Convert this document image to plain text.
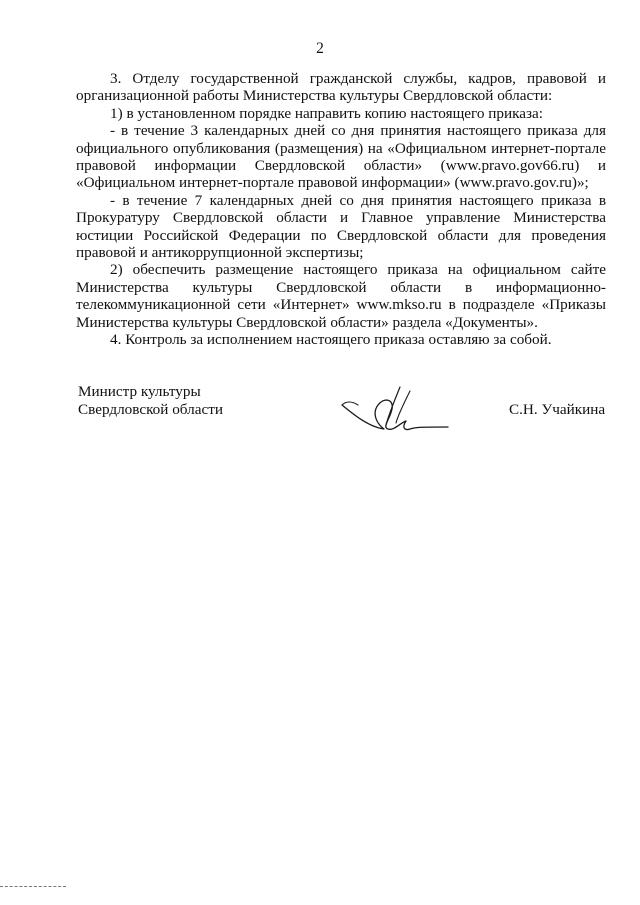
2

3. Отделу государственной гражданской службы, кадров, правовой и организационной работы Министерства культуры Свердловской области:

1) в установленном порядке направить копию настоящего приказа:

- в течение 3 календарных дней со дня принятия настоящего приказа для официального опубликования (размещения) на «Официальном интернет-портале правовой информации Свердловской области» (www.pravo.gov66.ru) и «Официальном интернет-портале правовой информации» (www.pravo.gov.ru)»;

- в течение 7 календарных дней со дня принятия настоящего приказа в Прокуратуру Свердловской области и Главное управление Министерства юстиции Российской Федерации по Свердловской области для проведения правовой и антикоррупционной экспертизы;

2) обеспечить размещение настоящего приказа на официальном сайте Министерства культуры Свердловской области в информационно-телекоммуникационной сети «Интернет» www.mkso.ru в подразделе «Приказы Министерства культуры Свердловской области» раздела «Документы».

4. Контроль за исполнением настоящего приказа оставляю за собой.

Министр культуры
Свердловской области	С.Н. Учайкина
